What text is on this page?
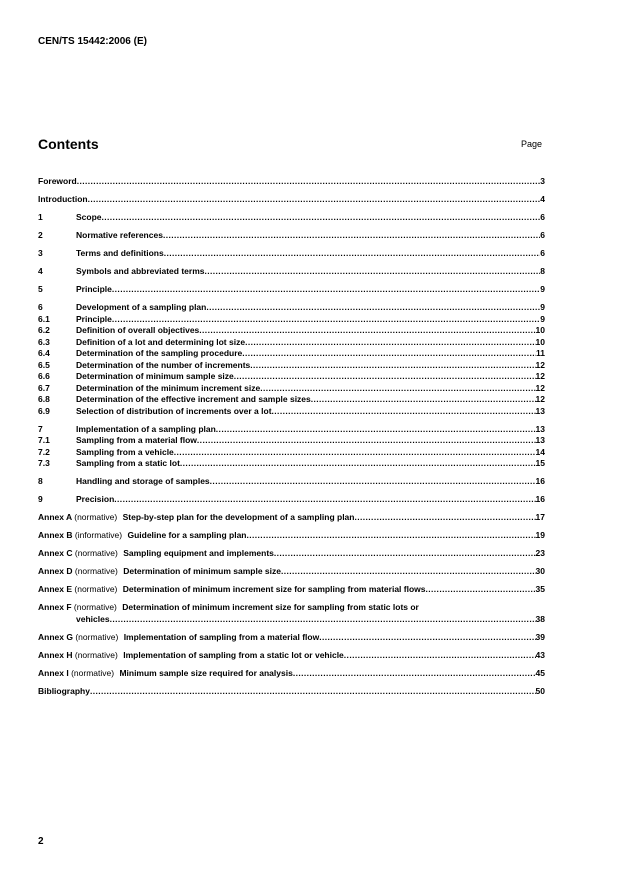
CEN/TS 15442:2006 (E)
Contents	Page
Foreword .....	3
Introduction .....	4
1	Scope .....	6
2	Normative references .....	6
3	Terms and definitions .....	6
4	Symbols and abbreviated terms .....	8
5	Principle .....	9
6	Development of a sampling plan .....	9
6.1	Principle .....	9
6.2	Definition of overall objectives .....	10
6.3	Definition of a lot and determining lot size .....	10
6.4	Determination of the sampling procedure .....	11
6.5	Determination of the number of increments .....	12
6.6	Determination of minimum sample size .....	12
6.7	Determination of the minimum increment size .....	12
6.8	Determination of the effective increment and sample sizes .....	12
6.9	Selection of distribution of increments over a lot .....	13
7	Implementation of a sampling plan .....	13
7.1	Sampling from a material flow .....	13
7.2	Sampling from a vehicle .....	14
7.3	Sampling from a static lot .....	15
8	Handling and storage of samples .....	16
9	Precision .....	16
Annex A (normative) Step-by-step plan for the development of a sampling plan .....	17
Annex B (informative) Guideline for a sampling plan .....	19
Annex C (normative) Sampling equipment and implements .....	23
Annex D (normative) Determination of minimum sample size .....	30
Annex E (normative) Determination of minimum increment size for sampling from material flows .....	35
Annex F (normative) Determination of minimum increment size for sampling from static lots or
vehicles .....	38
Annex G (normative) Implementation of sampling from a material flow .....	39
Annex H (normative) Implementation of sampling from a static lot or vehicle .....	43
Annex I (normative) Minimum sample size required for analysis .....	45
Bibliography .....	50
2
